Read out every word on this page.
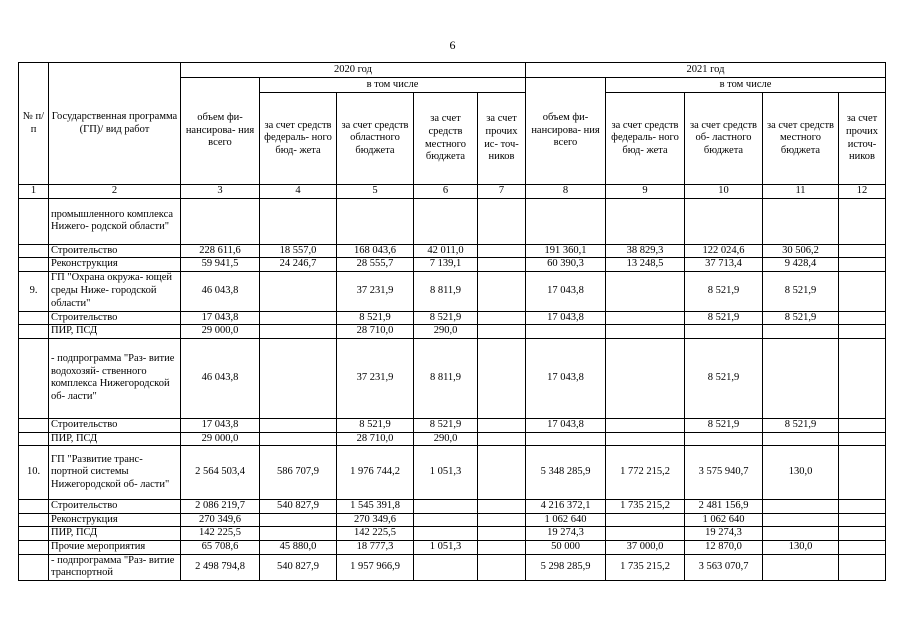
6
№ п/п	Государственная программа (ГП)/ вид работ	2020 год					2021 год				
		объем фи- нансирова- ния всего	в том числе				объем фи- нансирова- ния всего	в том числе			
			за счет средств федераль- ного бюд- жета	за счет средств областного бюджета	за счет средств местного бюджета	за счет прочих ис- точ- ников		за счет средств федераль- ного бюд- жета	за счет средств об- ластного бюджета	за счет средств местного бюджета	за счет прочих источ- ников
1	2	3	4	5	6	7	8	9	10	11	12
	промышленного комплекса Нижего- родской области"										
	Строительство	228 611,6	18 557,0	168 043,6	42 011,0		191 360,1	38 829,3	122 024,6	30 506,2	
	Реконструкция	59 941,5	24 246,7	28 555,7	7 139,1		60 390,3	13 248,5	37 713,4	9 428,4	
9.	ГП "Охрана окружа- ющей среды Ниже- городской области"	46 043,8		37 231,9	8 811,9		17 043,8		8 521,9	8 521,9	
	Строительство	17 043,8		8 521,9	8 521,9		17 043,8		8 521,9	8 521,9	
	ПИР, ПСД	29 000,0		28 710,0	290,0						
	- подпрограмма "Раз- витие водохозяй- ственного комплекса Нижегородской об- ласти"	46 043,8		37 231,9	8 811,9		17 043,8		8 521,9		
	Строительство	17 043,8		8 521,9	8 521,9		17 043,8		8 521,9	8 521,9	
	ПИР, ПСД	29 000,0		28 710,0	290,0						
10.	ГП "Развитие транс- портной системы Нижегородской об- ласти"	2 564 503,4	586 707,9	1 976 744,2	1 051,3		5 348 285,9	1 772 215,2	3 575 940,7	130,0	
	Строительство	2 086 219,7	540 827,9	1 545 391,8			4 216 372,1	1 735 215,2	2 481 156,9		
	Реконструкция	270 349,6		270 349,6			1 062 640		1 062 640		
	ПИР, ПСД	142 225,5		142 225,5			19 274,3		19 274,3		
	Прочие мероприятия	65 708,6	45 880,0	18 777,3	1 051,3		50 000	37 000,0	12 870,0	130,0	
	- подпрограмма "Раз- витие транспортной	2 498 794,8	540 827,9	1 957 966,9			5 298 285,9	1 735 215,2	3 563 070,7		
